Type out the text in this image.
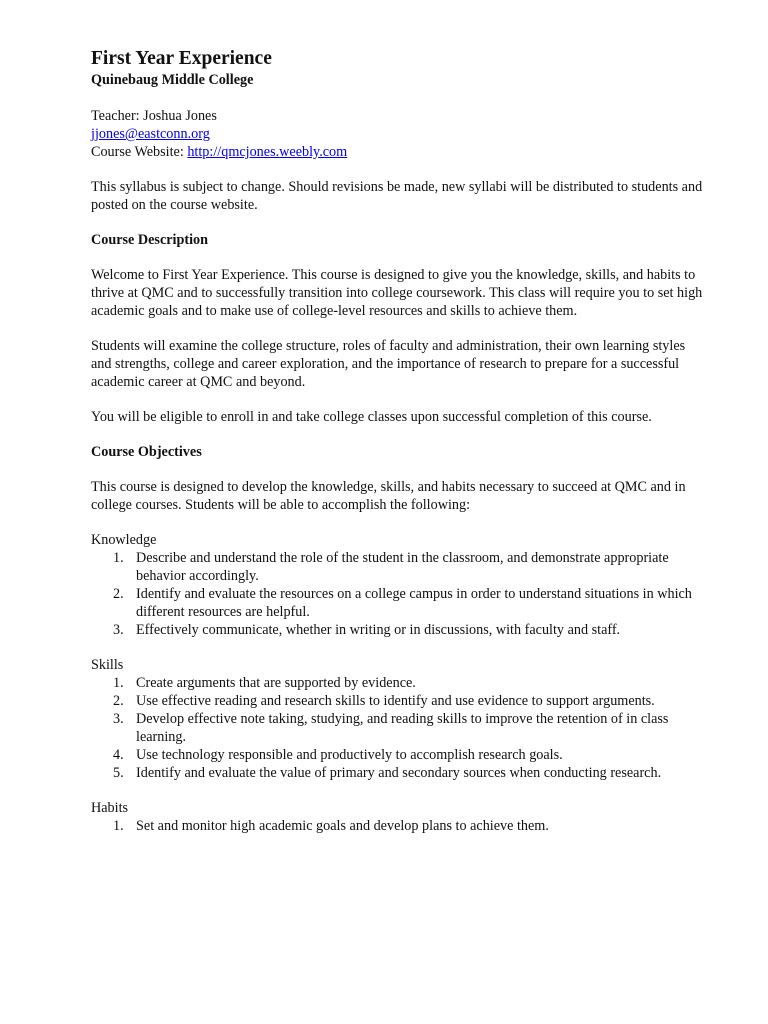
First Year Experience
Quinebaug Middle College
Teacher: Joshua Jones
jjones@eastconn.org
Course Website: http://qmcjones.weebly.com
This syllabus is subject to change. Should revisions be made, new syllabi will be distributed to students and posted on the course website.
Course Description
Welcome to First Year Experience. This course is designed to give you the knowledge, skills, and habits to thrive at QMC and to successfully transition into college coursework. This class will require you to set high academic goals and to make use of college-level resources and skills to achieve them.
Students will examine the college structure, roles of faculty and administration, their own learning styles and strengths, college and career exploration, and the importance of research to prepare for a successful academic career at QMC and beyond.
You will be eligible to enroll in and take college classes upon successful completion of this course.
Course Objectives
This course is designed to develop the knowledge, skills, and habits necessary to succeed at QMC and in college courses. Students will be able to accomplish the following:
Knowledge
1. Describe and understand the role of the student in the classroom, and demonstrate appropriate behavior accordingly.
2. Identify and evaluate the resources on a college campus in order to understand situations in which different resources are helpful.
3. Effectively communicate, whether in writing or in discussions, with faculty and staff.
Skills
1. Create arguments that are supported by evidence.
2. Use effective reading and research skills to identify and use evidence to support arguments.
3. Develop effective note taking, studying, and reading skills to improve the retention of in class learning.
4. Use technology responsible and productively to accomplish research goals.
5. Identify and evaluate the value of primary and secondary sources when conducting research.
Habits
1. Set and monitor high academic goals and develop plans to achieve them.
